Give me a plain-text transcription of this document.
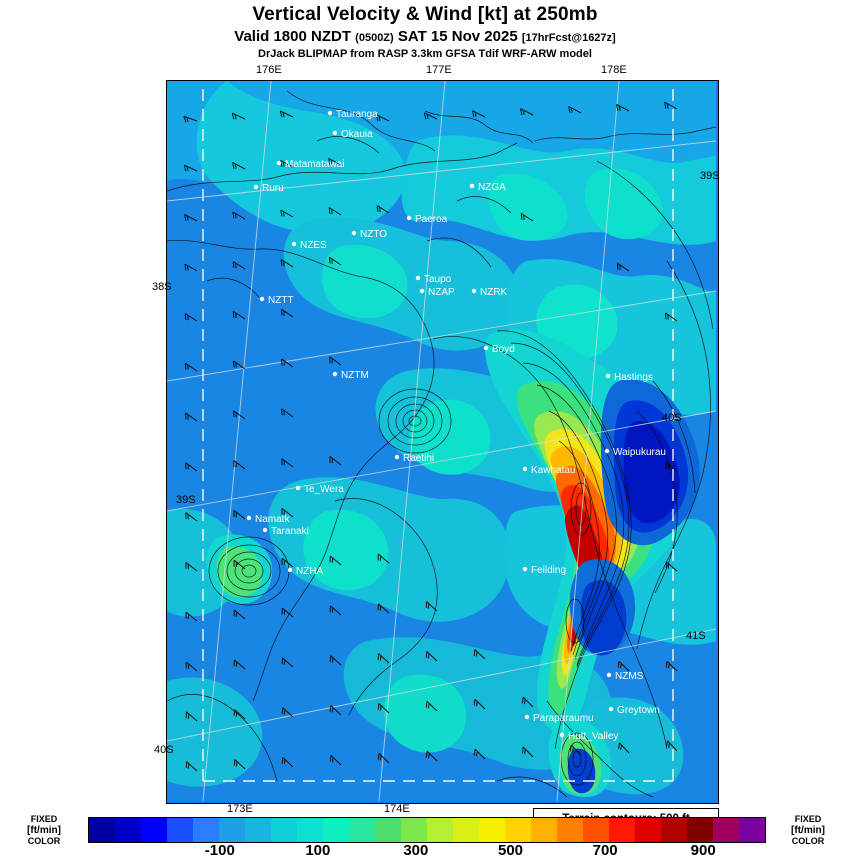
Vertical Velocity & Wind [kt] at 250mb
Valid 1800 NZDT (0500Z) SAT 15 Nov 2025 [17hrFcst@1627z]
DrJack BLIPMAP from RASP 3.3km GFSA Tdif WRF-ARW model
Tauranga
Okauia
Matamatawai
NZGA
Ruru
Paeroa
NZTO
NZES
Taupo
NZAP	NZRK
NZTT
Boyd
NZTM	Hastings
Waipukurau
Raetihi
Kawhatau
Te_Wera
Namatk
Taranaki
NZHA	Feilding
NZMS
Greytown
Paraparaumu
Hutt_Valley
176E	177E	178E
173E	174E
39S
38S
40S
39S
41S
40S
FIXED
[ft/min]
COLOR
FIXED
[ft/min]
COLOR
-100	100	300	500	700	900
